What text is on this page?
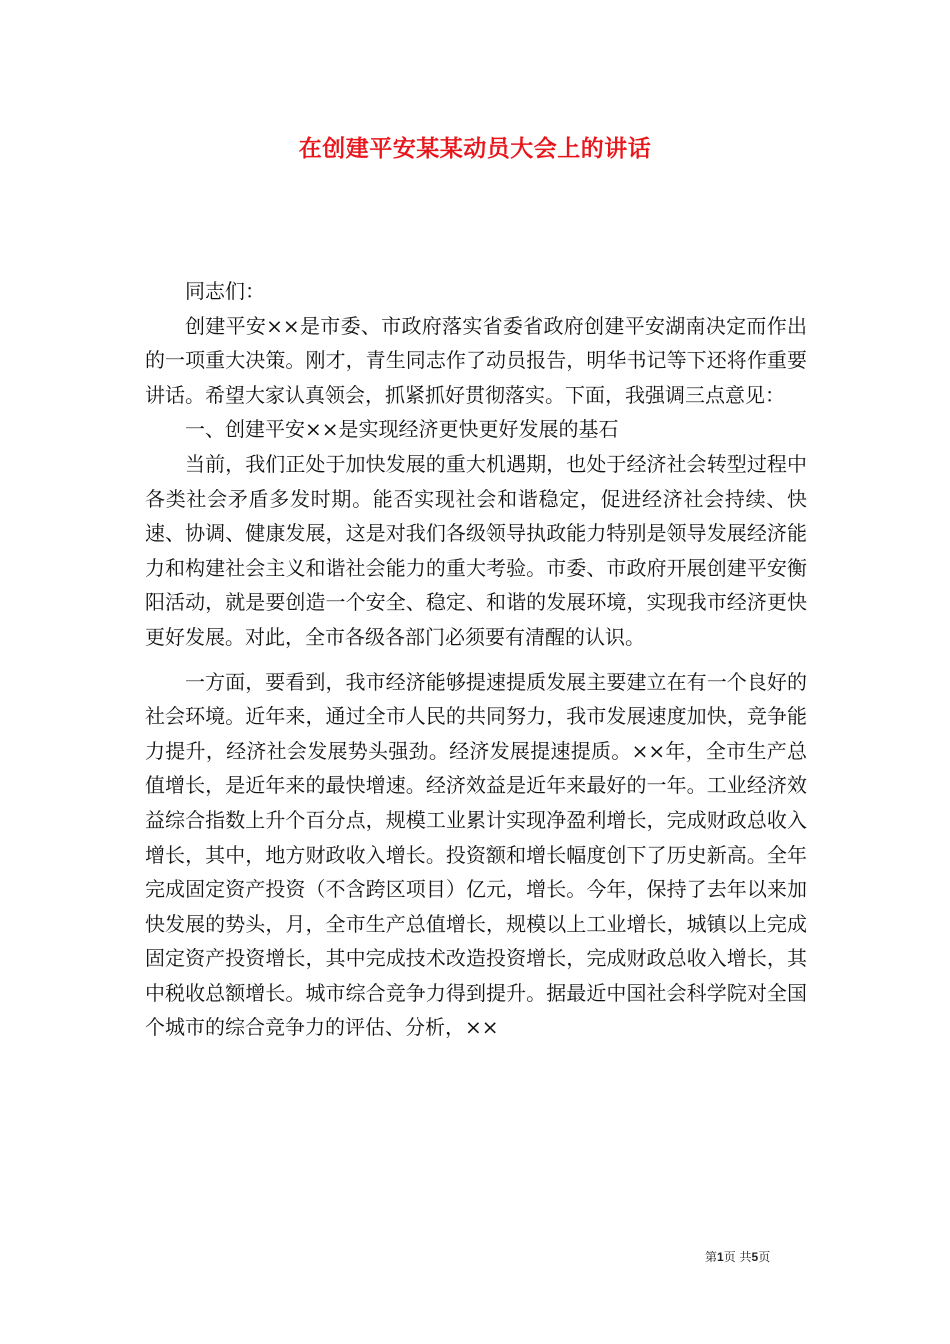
在创建平安某某动员大会上的讲话

同志们：

创建平安××是市委、市政府落实省委省政府创建平安湖南决定而作出的一项重大决策。刚才，青生同志作了动员报告，明华书记等下还将作重要讲话。希望大家认真领会，抓紧抓好贯彻落实。下面，我强调三点意见：

一、创建平安××是实现经济更快更好发展的基石

当前，我们正处于加快发展的重大机遇期，也处于经济社会转型过程中各类社会矛盾多发时期。能否实现社会和谐稳定，促进经济社会持续、快速、协调、健康发展，这是对我们各级领导执政能力特别是领导发展经济能力和构建社会主义和谐社会能力的重大考验。市委、市政府开展创建平安衡阳活动，就是要创造一个安全、稳定、和谐的发展环境，实现我市经济更快更好发展。对此，全市各级各部门必须要有清醒的认识。

一方面，要看到，我市经济能够提速提质发展主要建立在有一个良好的社会环境。近年来，通过全市人民的共同努力，我市发展速度加快，竞争能力提升，经济社会发展势头强劲。经济发展提速提质。××年，全市生产总值增长，是近年来的最快增速。经济效益是近年来最好的一年。工业经济效益综合指数上升个百分点，规模工业累计实现净盈利增长，完成财政总收入增长，其中，地方财政收入增长。投资额和增长幅度创下了历史新高。全年完成固定资产投资（不含跨区项目）亿元，增长。今年，保持了去年以来加快发展的势头，月，全市生产总值增长，规模以上工业增长，城镇以上完成固定资产投资增长，其中完成技术改造投资增长，完成财政总收入增长，其中税收总额增长。城市综合竞争力得到提升。据最近中国社会科学院对全国个城市的综合竞争力的评估、分析，××

第1页 共5页
